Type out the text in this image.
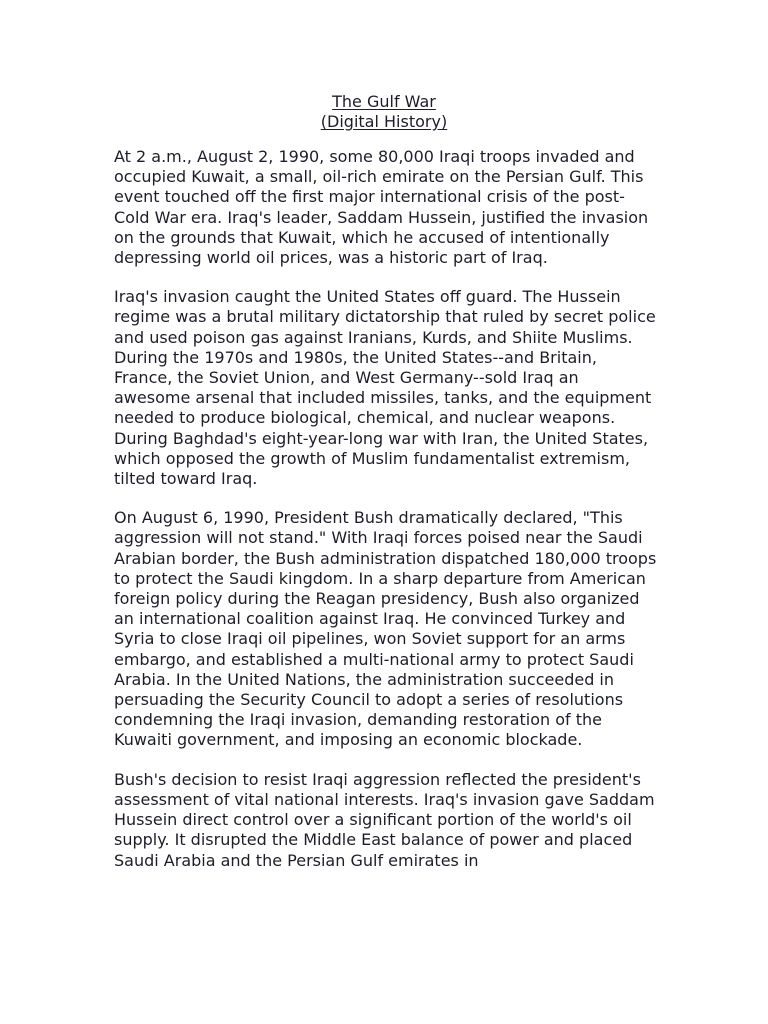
The Gulf War
(Digital History)

At 2 a.m., August 2, 1990, some 80,000 Iraqi troops invaded and occupied Kuwait, a small, oil-rich emirate on the Persian Gulf. This event touched off the first major international crisis of the post-Cold War era. Iraq's leader, Saddam Hussein, justified the invasion on the grounds that Kuwait, which he accused of intentionally depressing world oil prices, was a historic part of Iraq.

Iraq's invasion caught the United States off guard. The Hussein regime was a brutal military dictatorship that ruled by secret police and used poison gas against Iranians, Kurds, and Shiite Muslims. During the 1970s and 1980s, the United States--and Britain, France, the Soviet Union, and West Germany--sold Iraq an awesome arsenal that included missiles, tanks, and the equipment needed to produce biological, chemical, and nuclear weapons. During Baghdad's eight-year-long war with Iran, the United States, which opposed the growth of Muslim fundamentalist extremism, tilted toward Iraq.

On August 6, 1990, President Bush dramatically declared, "This aggression will not stand." With Iraqi forces poised near the Saudi Arabian border, the Bush administration dispatched 180,000 troops to protect the Saudi kingdom. In a sharp departure from American foreign policy during the Reagan presidency, Bush also organized an international coalition against Iraq. He convinced Turkey and Syria to close Iraqi oil pipelines, won Soviet support for an arms embargo, and established a multi-national army to protect Saudi Arabia. In the United Nations, the administration succeeded in persuading the Security Council to adopt a series of resolutions condemning the Iraqi invasion, demanding restoration of the Kuwaiti government, and imposing an economic blockade.

Bush's decision to resist Iraqi aggression reflected the president's assessment of vital national interests. Iraq's invasion gave Saddam Hussein direct control over a significant portion of the world's oil supply. It disrupted the Middle East balance of power and placed Saudi Arabia and the Persian Gulf emirates in
